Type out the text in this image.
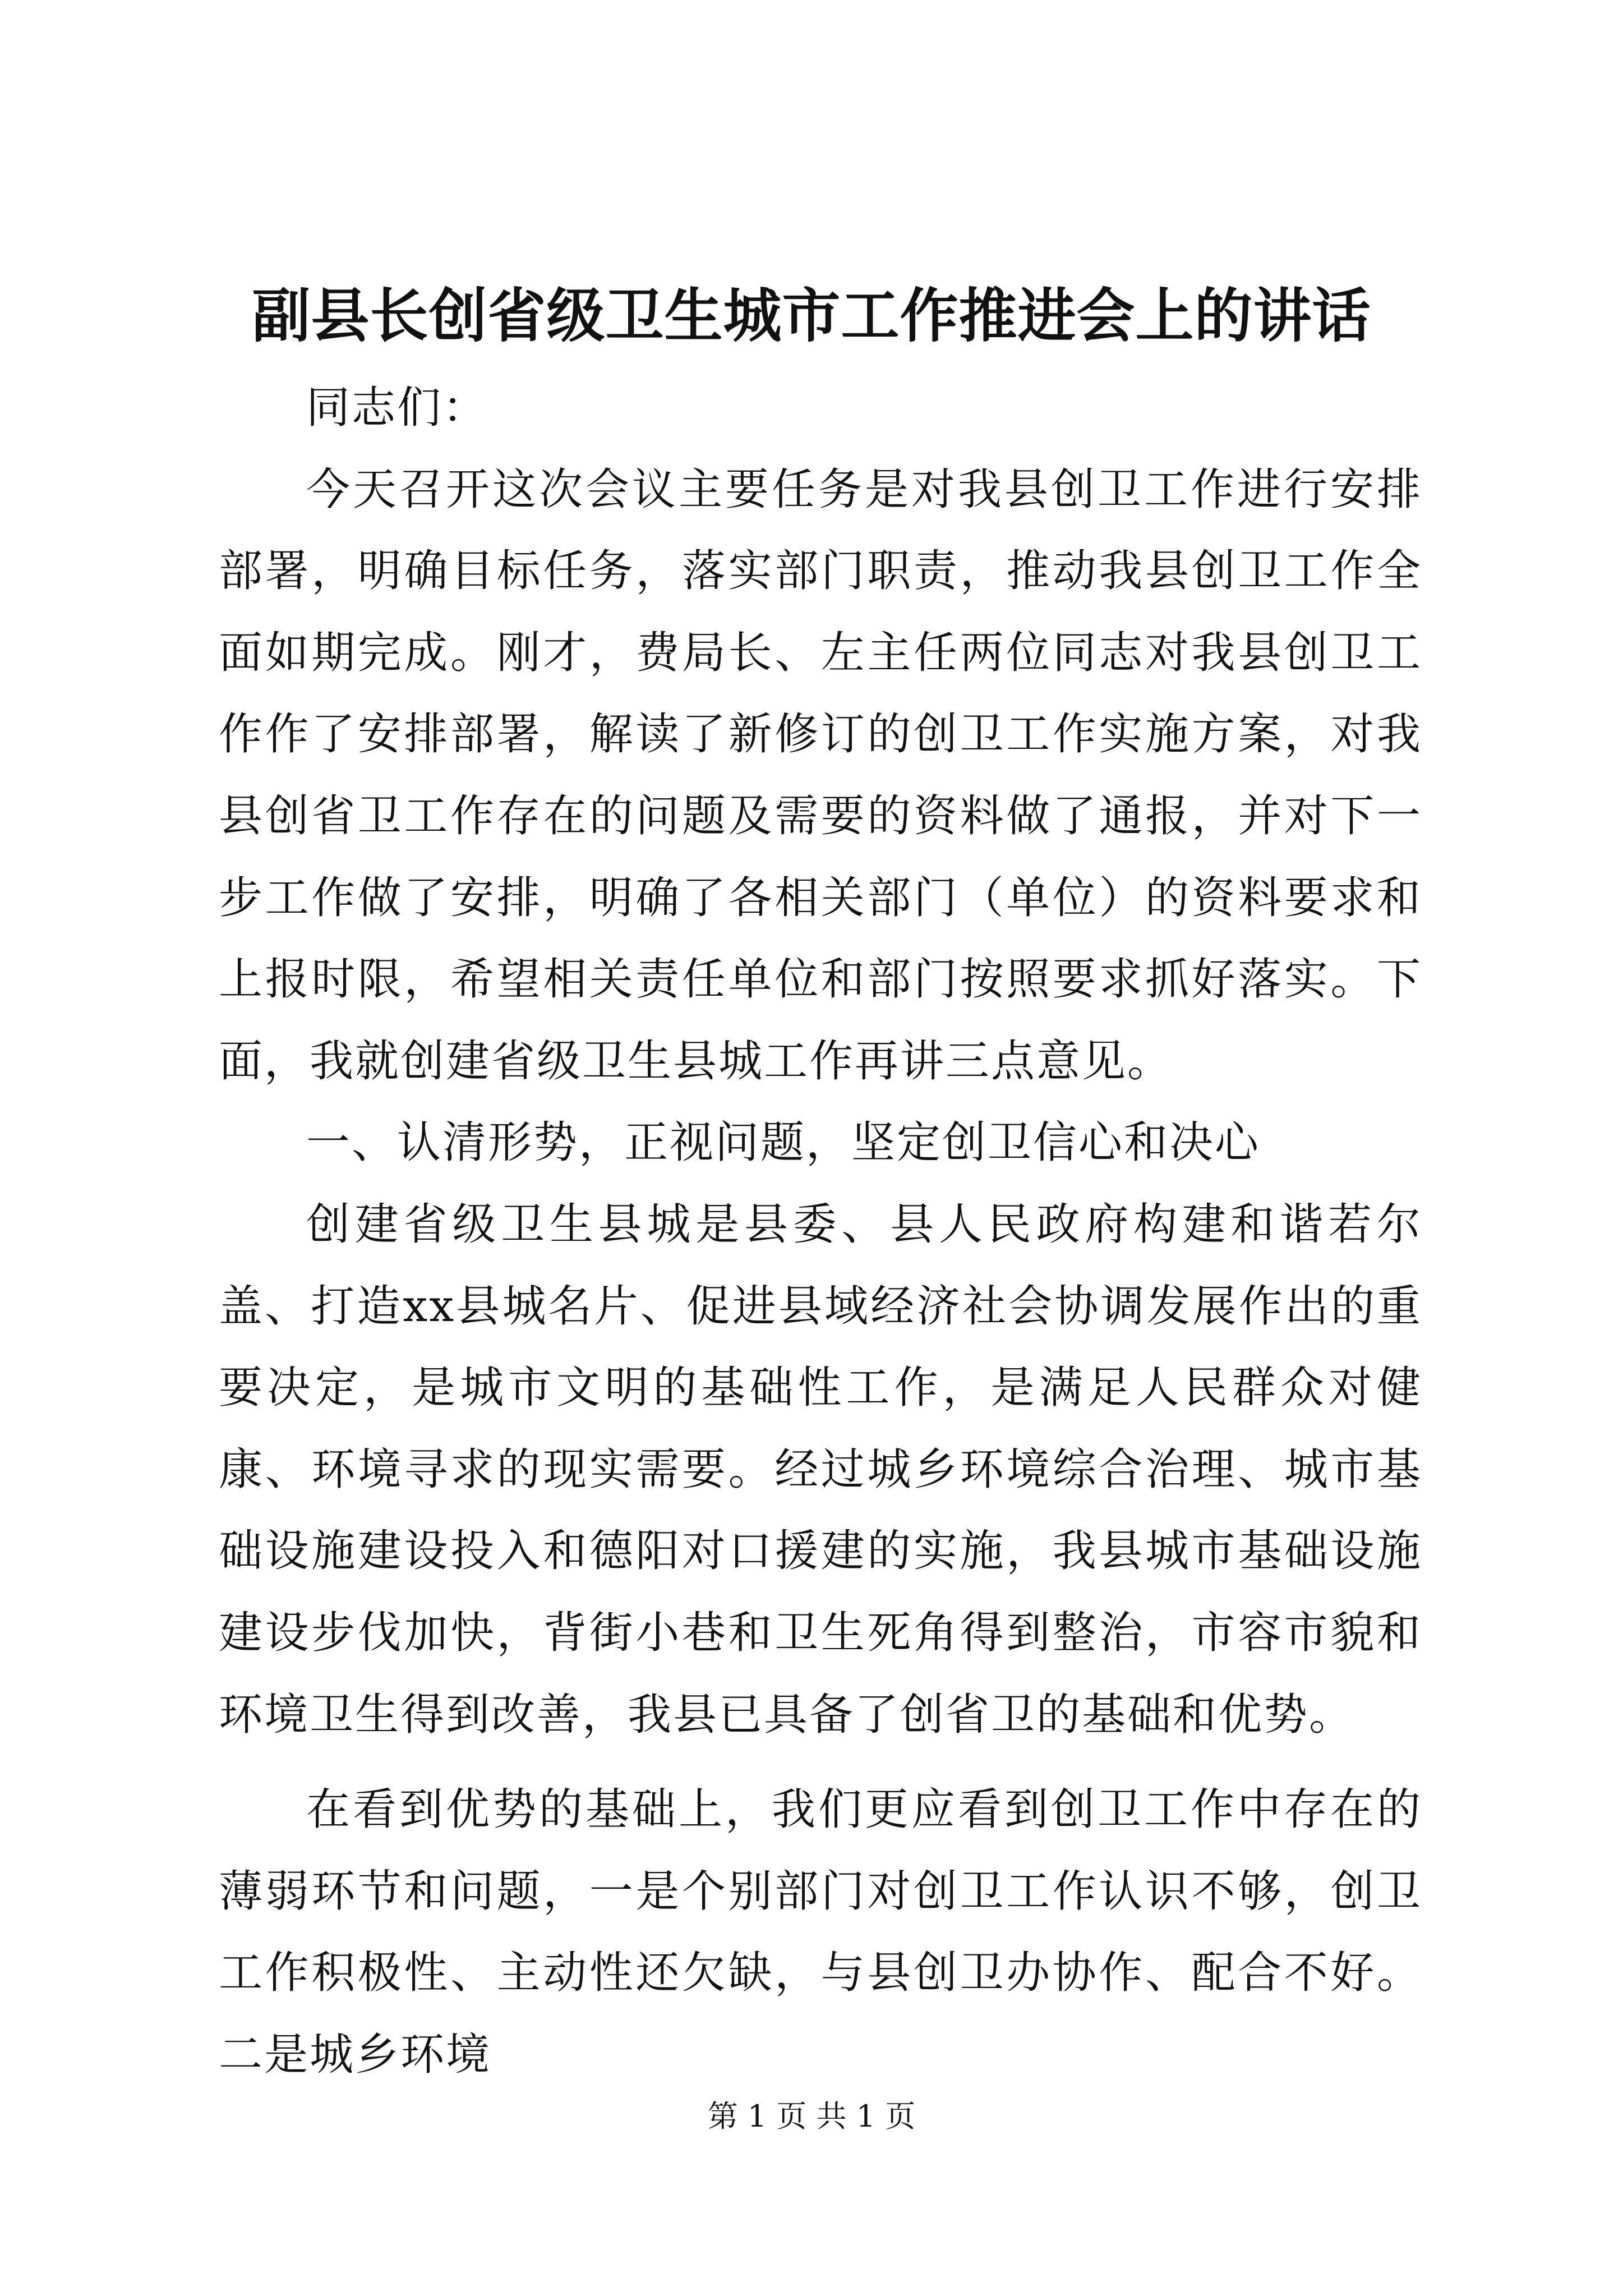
副县长创省级卫生城市工作推进会上的讲话

同志们：

今天召开这次会议主要任务是对我县创卫工作进行安排部署，明确目标任务，落实部门职责，推动我县创卫工作全面如期完成。刚才，费局长、左主任两位同志对我县创卫工作作了安排部署，解读了新修订的创卫工作实施方案，对我县创省卫工作存在的问题及需要的资料做了通报，并对下一步工作做了安排，明确了各相关部门（单位）的资料要求和上报时限，希望相关责任单位和部门按照要求抓好落实。下面，我就创建省级卫生县城工作再讲三点意见。

一、认清形势，正视问题，坚定创卫信心和决心

创建省级卫生县城是县委、县人民政府构建和谐若尔盖、打造xx县城名片、促进县域经济社会协调发展作出的重要决定，是城市文明的基础性工作，是满足人民群众对健康、环境寻求的现实需要。经过城乡环境综合治理、城市基础设施建设投入和德阳对口援建的实施，我县城市基础设施建设步伐加快，背街小巷和卫生死角得到整治，市容市貌和环境卫生得到改善，我县已具备了创省卫的基础和优势。

在看到优势的基础上，我们更应看到创卫工作中存在的薄弱环节和问题，一是个别部门对创卫工作认识不够，创卫工作积极性、主动性还欠缺，与县创卫办协作、配合不好。二是城乡环境

第 1 页 共 1 页
